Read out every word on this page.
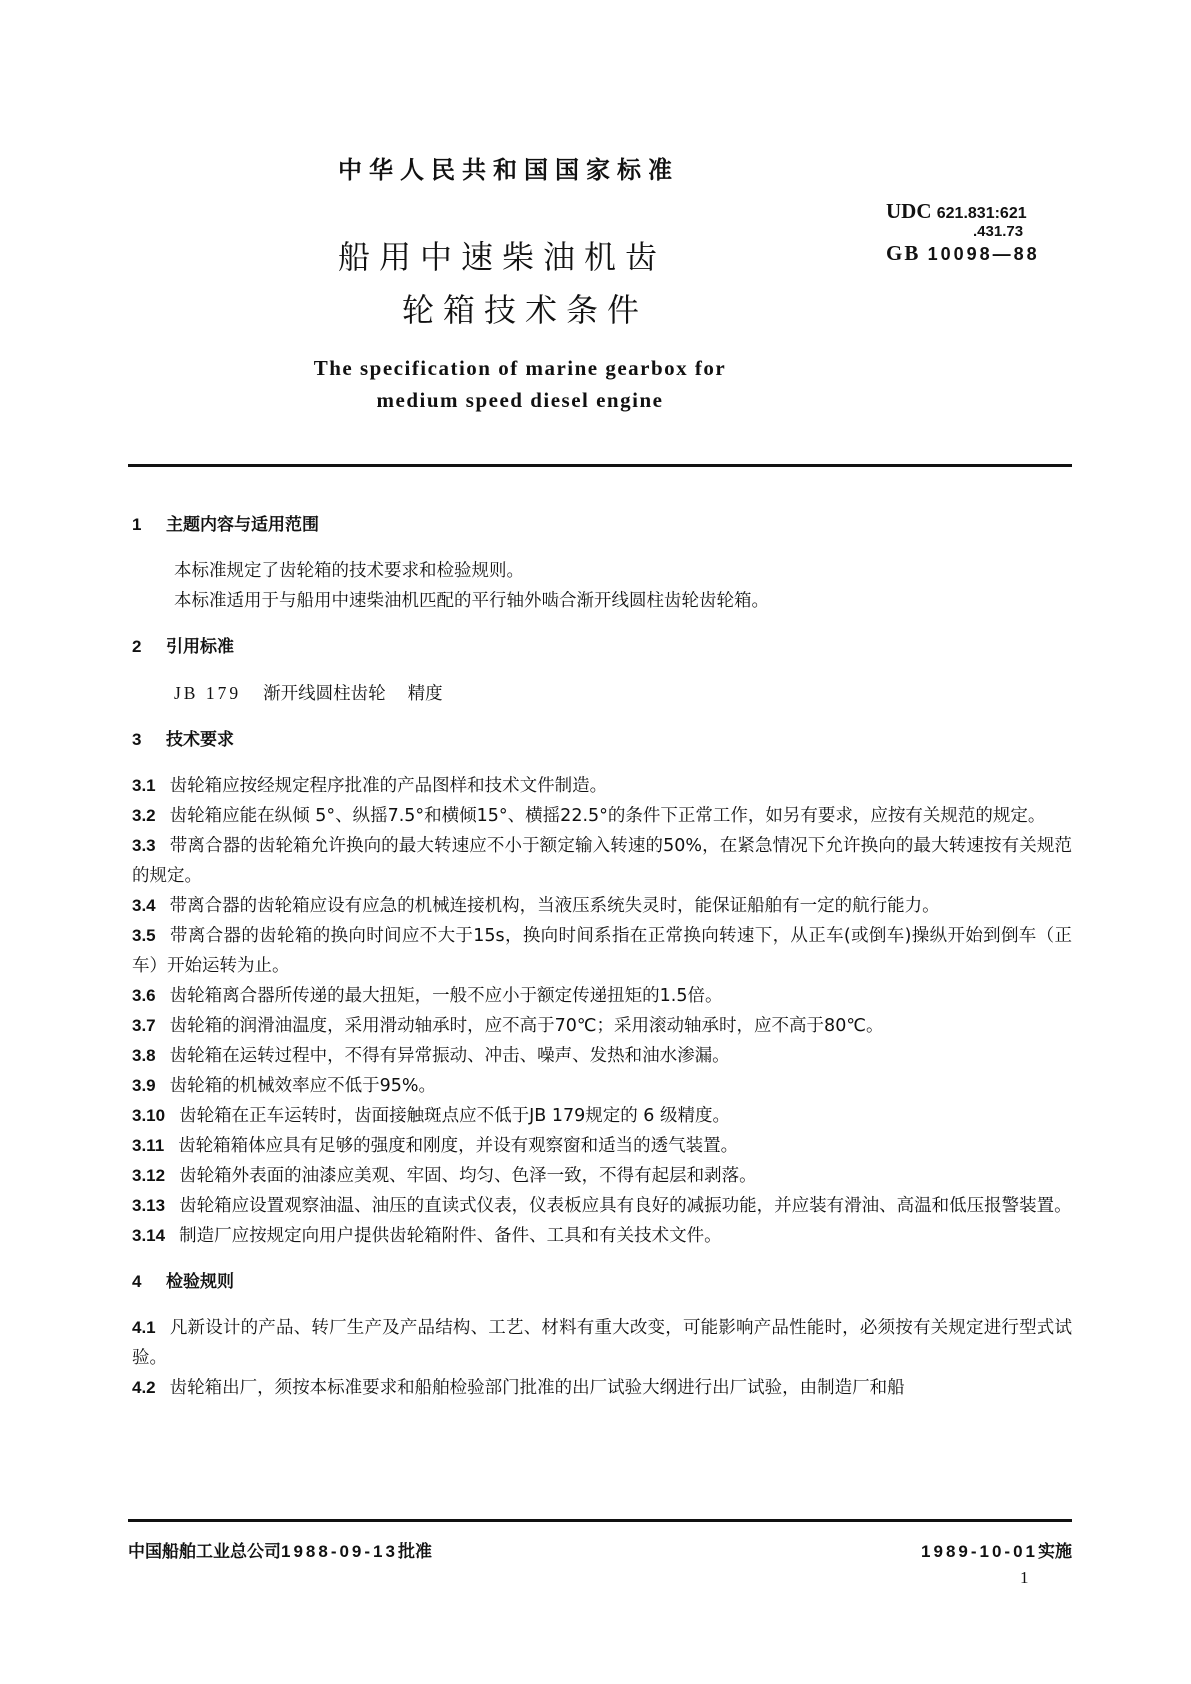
中华人民共和国国家标准
船用中速柴油机齿
轮箱技术条件
UDC 621.831:621
.431.73
GB 10098—88
The specification of marine gearbox for
medium speed diesel engine
1 主题内容与适用范围

本标准规定了齿轮箱的技术要求和检验规则。

本标准适用于与船用中速柴油机匹配的平行轴外啮合渐开线圆柱齿轮齿轮箱。

2 引用标准

JB 179 渐开线圆柱齿轮 精度

3 技术要求

3.1 齿轮箱应按经规定程序批准的产品图样和技术文件制造。

3.2 齿轮箱应能在纵倾 5°、纵摇7.5°和横倾15°、横摇22.5°的条件下正常工作，如另有要求，应按有关规范的规定。

3.3 带离合器的齿轮箱允许换向的最大转速应不小于额定输入转速的50%，在紧急情况下允许换向的最大转速按有关规范的规定。

3.4 带离合器的齿轮箱应设有应急的机械连接机构，当液压系统失灵时，能保证船舶有一定的航行能力。

3.5 带离合器的齿轮箱的换向时间应不大于15s，换向时间系指在正常换向转速下，从正车(或倒车)操纵开始到倒车（正车）开始运转为止。

3.6 齿轮箱离合器所传递的最大扭矩，一般不应小于额定传递扭矩的1.5倍。

3.7 齿轮箱的润滑油温度，采用滑动轴承时，应不高于70℃；采用滚动轴承时，应不高于80℃。

3.8 齿轮箱在运转过程中，不得有异常振动、冲击、噪声、发热和油水渗漏。

3.9 齿轮箱的机械效率应不低于95%。

3.10 齿轮箱在正车运转时，齿面接触斑点应不低于JB 179规定的 6 级精度。

3.11 齿轮箱箱体应具有足够的强度和刚度，并设有观察窗和适当的透气装置。

3.12 齿轮箱外表面的油漆应美观、牢固、均匀、色泽一致，不得有起层和剥落。

3.13 齿轮箱应设置观察油温、油压的直读式仪表，仪表板应具有良好的减振功能，并应装有滑油、高温和低压报警装置。

3.14 制造厂应按规定向用户提供齿轮箱附件、备件、工具和有关技术文件。

4 检验规则

4.1 凡新设计的产品、转厂生产及产品结构、工艺、材料有重大改变，可能影响产品性能时，必须按有关规定进行型式试验。

4.2 齿轮箱出厂，须按本标准要求和船舶检验部门批准的出厂试验大纲进行出厂试验，由制造厂和船

中国船舶工业总公司1988-09-13批准	1989-10-01实施
1
